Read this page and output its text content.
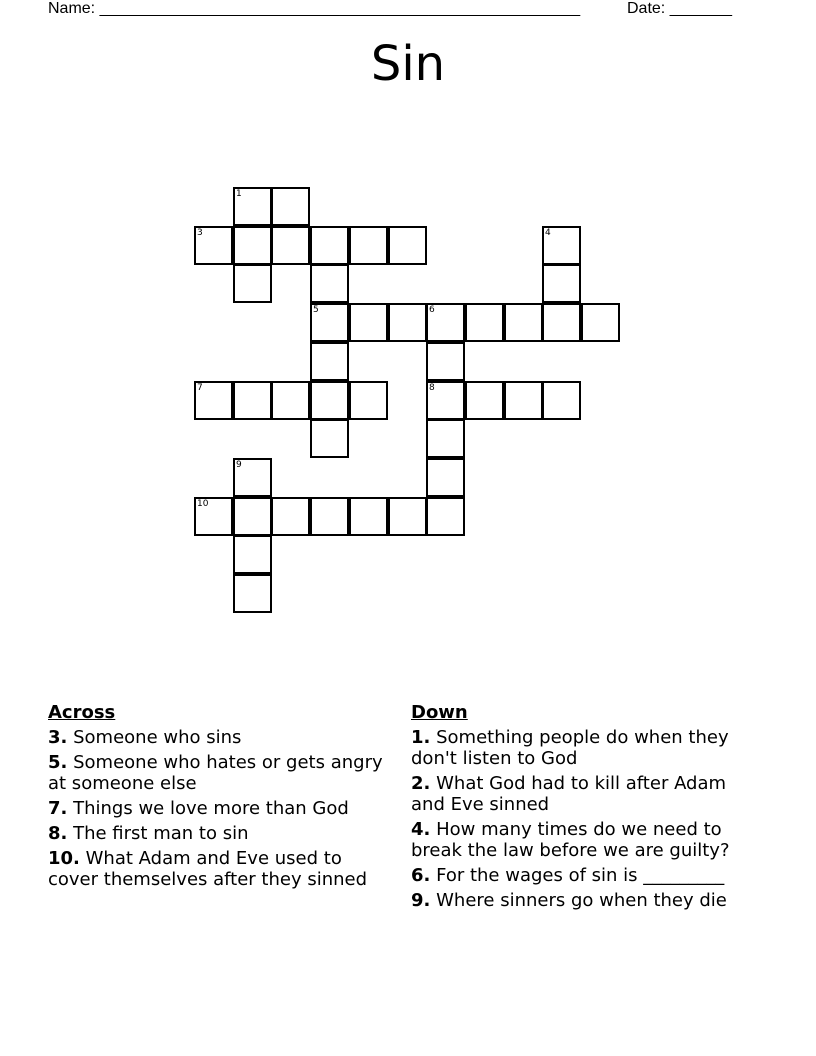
Name: ______________________________________________________	Date: _______
Sin
1
3	4
5	6
7	8
9
10
Across
3. Someone who sins
5. Someone who hates or gets angry at someone else
7. Things we love more than God
8. The first man to sin
10. What Adam and Eve used to cover themselves after they sinned
Down
1. Something people do when they don't listen to God
2. What God had to kill after Adam and Eve sinned
4. How many times do we need to break the law before we are guilty?
6. For the wages of sin is _________
9. Where sinners go when they die
